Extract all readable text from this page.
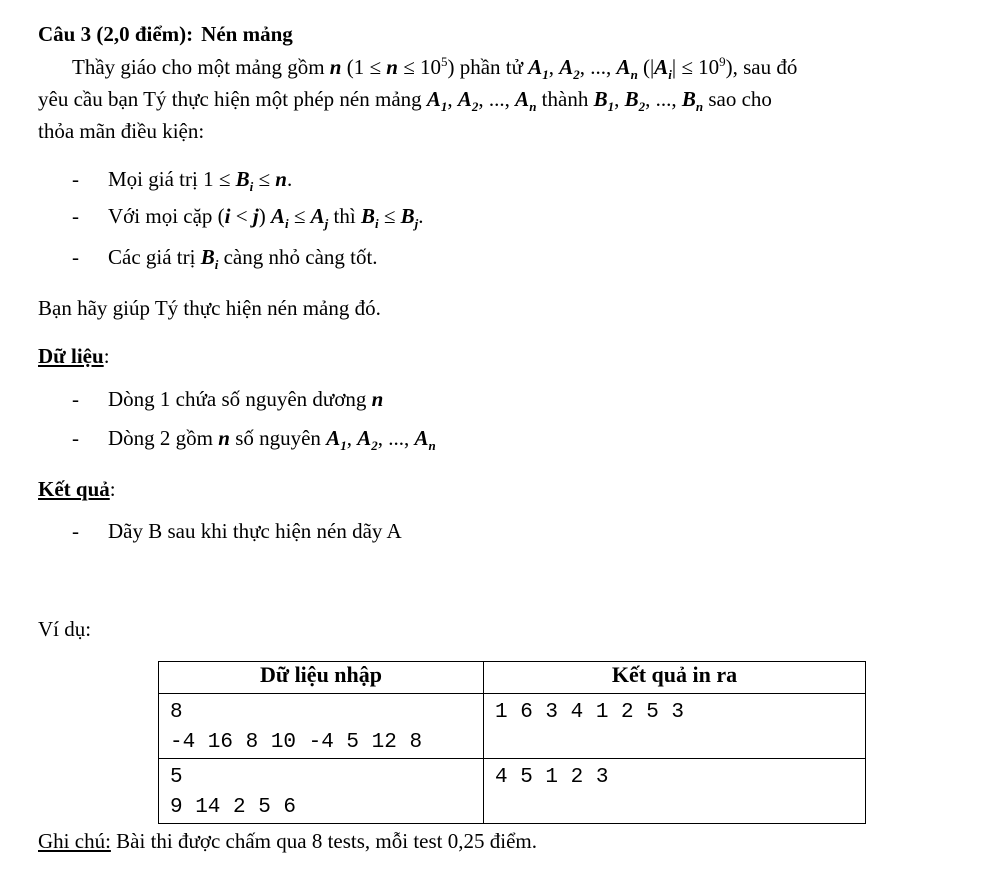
Câu 3 (2,0 điểm): Nén mảng
Thầy giáo cho một mảng gồm n $(1 \le n \le 10^5)$ phần tử $A_1$, $A_2$, ..., $A_n$ $(|A_i| \le 10^9)$, sau đó
yêu cầu bạn Tý thực hiện một phép nén mảng $A_1$, $A_2$, ..., $A_n$ thành $B_1$, $B_2$, ..., $B_n$ sao cho
thỏa mãn điều kiện:
- Mọi giá trị $1 \le B_i \le n$.
- Với mọi cặp (i < j) $A_i \le A_j$ thì $B_i \le B_j$.
- Các giá trị $B_i$ càng nhỏ càng tốt.
Bạn hãy giúp Tý thực hiện nén mảng đó.
Dữ liệu:
- Dòng 1 chứa số nguyên dương n
- Dòng 2 gồm n số nguyên $A_1$, $A_2$, ..., $A_n$
Kết quả:
- Dãy B sau khi thực hiện nén dãy A
Ví dụ:
Dữ liệu nhập	Kết quả in ra

8
-4 16 8 10 -4 5 12 8	1 6 3 4 1 2 5 3

5
9 14 2 5 6	4 5 1 2 3
Ghi chú: Bài thi được chấm qua 8 tests, mỗi test 0,25 điểm.
